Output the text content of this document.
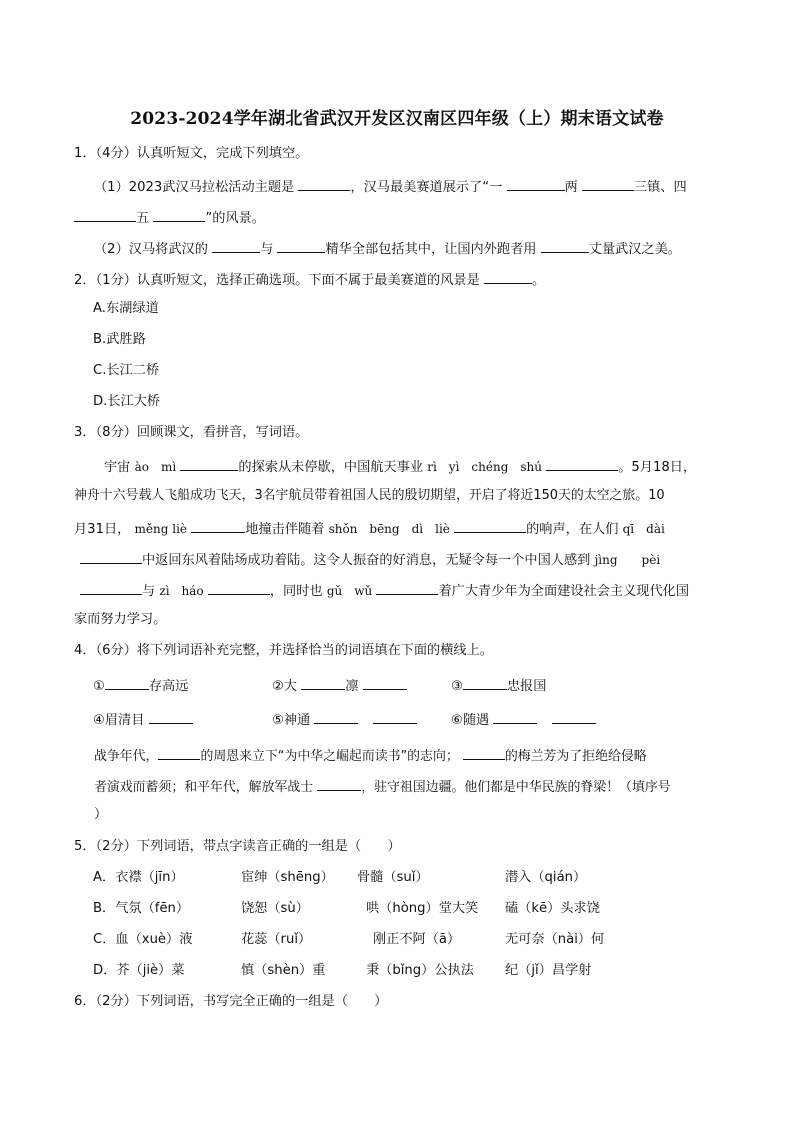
2023-2024学年湖北省武汉开发区汉南区四年级（上）期末语文试卷
1．（4分）认真听短文，完成下列填空。
（1）2023武汉马拉松活动主题是	，汉马最美赛道展示了“一	两	三镇、四
五	”的风景。
（2）汉马将武汉的	与	精华全部包括其中，让国内外跑者用	丈量武汉之美。
2．（1分）认真听短文，选择正确选项。下面不属于最美赛道的风景是	。
A.东湖绿道
B.武胜路
C.长江二桥
D.长江大桥
3．（8分）回顾课文，看拼音，写词语。
宇宙 ào　mì	的探索从未停歇，中国航天事业 rì　yì　chéng　shú	。5月18日，
神舟十六号载人飞船成功飞天，3名宇航员带着祖国人民的殷切期望，开启了将近150天的太空之旅。10
月31日， měng liè	地撞击伴随着 shǒn　bēng　dì　liè	的响声，在人们 qī　dài
中返回东风着陆场成功着陆。这令人振奋的好消息，无疑令每一个中国人感到 jìng　　pèi
与 zì　háo	，同时也 gǔ　wǔ	着广大青少年为全面建设社会主义现代化国
家而努力学习。
4．（6分）将下列词语补充完整，并选择恰当的词语填在下面的横线上。
①	存高远	②大	凛	③	忠报国
④眉清目	⑤神通	⑥随遇
战争年代，	的周恩来立下“为中华之崛起而读书”的志向；	的梅兰芳为了拒绝给侵略
者演戏而蓄须；和平年代，解放军战士	，驻守祖国边疆。他们都是中华民族的脊梁！（填序号
）
5．（2分）下列词语，带点字读音正确的一组是（　　）
A．衣襟（jīn）	宦绅（shēng） 骨髓（suǐ）	潜入（qián）
B．气氛（fēn）	饶恕（sù）	哄（hòng）堂大笑 磕（kē）头求饶
C．血（xuè）液	花蕊（ruǐ）	刚正不阿（ā）	无可奈（nài）何
D．芥（jiè）菜	慎（shèn）重	秉（bǐng）公执法 纪（jǐ）昌学射
6．（2分）下列词语，书写完全正确的一组是（　　）
